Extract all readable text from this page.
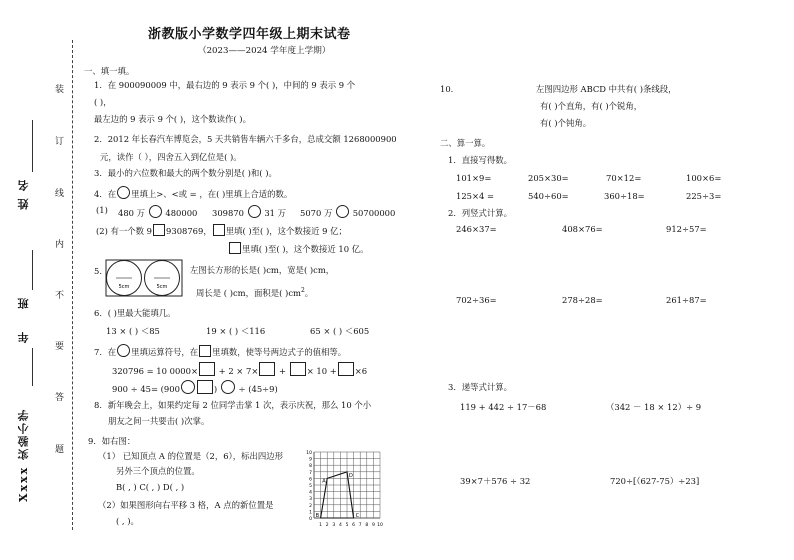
浙教版小学数学四年级上期末试卷
（2023——2024 学年度上学期）
装
订
线
内
不
要
答
题
姓 名
班
年
Xxxx 实验小学
一、填一填。
1．在 900090009 中，最右边的 9 表示 9 个( )，中间的 9 表示 9 个
( )，
最左边的 9 表示 9 个( )，这个数读作( )。
2．2012 年长春汽车博览会，5 天共销售车辆六千多台，总成交额 1268000900
元，读作（ ），四舍五入到亿位是( )。
3．最小的六位数和最大的两个数分别是( )和( )。
4．在 里填上>、<或 = ，在( )里填上合适的数。
(1) 480 万 480000 309870 31 万 5070 万 50700000
(2) 有一个数 9 9308769， 里填( )至( )，这个数接近 9 亿；
里填( )至( )，这个数接近 10 亿。
5.
5cm	5cm
左图长方形的长是( )cm，宽是( )cm，
周长是 ( )cm，面积是( )$cm^2$。
6．( )里最大能填几。
13 × ( ) ＜85	19 × ( ) ＜116	65 × ( ) ＜605
7．在 里填运算符号，在 里填数，使等号两边式子的值相等。
320796 = 10 0000× + 2 × 7× + × 10 + ×6
900 ÷ 45= (900	)	÷ (45÷9)
8．新年晚会上，如果约定每 2 位同学击掌 1 次，表示庆祝，那么 10 个小
朋友之间一共要击( )次掌。
9．如右图：
（1） 已知顶点 A 的位置是（2，6），标出四边形
另外三个顶点的位置。
B( , ) C( , ) D( , )
（2）如果图形向右平移 3 格，A 点的新位置是
( , )。
10
9
8
7
6
5
4
3
2
1
0
1 2 3 4 5 6 7 8 9 10
A
B	C
D
10.	左图四边形 ABCD 中共有( )条线段，
有( )个直角，有( )个锐角，
有( )个钝角。
二、算一算。
1．直接写得数。
101×9=	205×30=	70×12=	100×6=
125×4 =	540÷60=	360÷18=	225÷3=
2．列竖式计算。
246×37=	408×76=	912÷57=
702÷36=	278÷28=	261÷87=
3．递等式计算。
119 + 442 ÷ 17－68	（342 － 18 × 12）÷ 9
39×7＋576 ÷ 32	720÷[（627-75）÷23]
